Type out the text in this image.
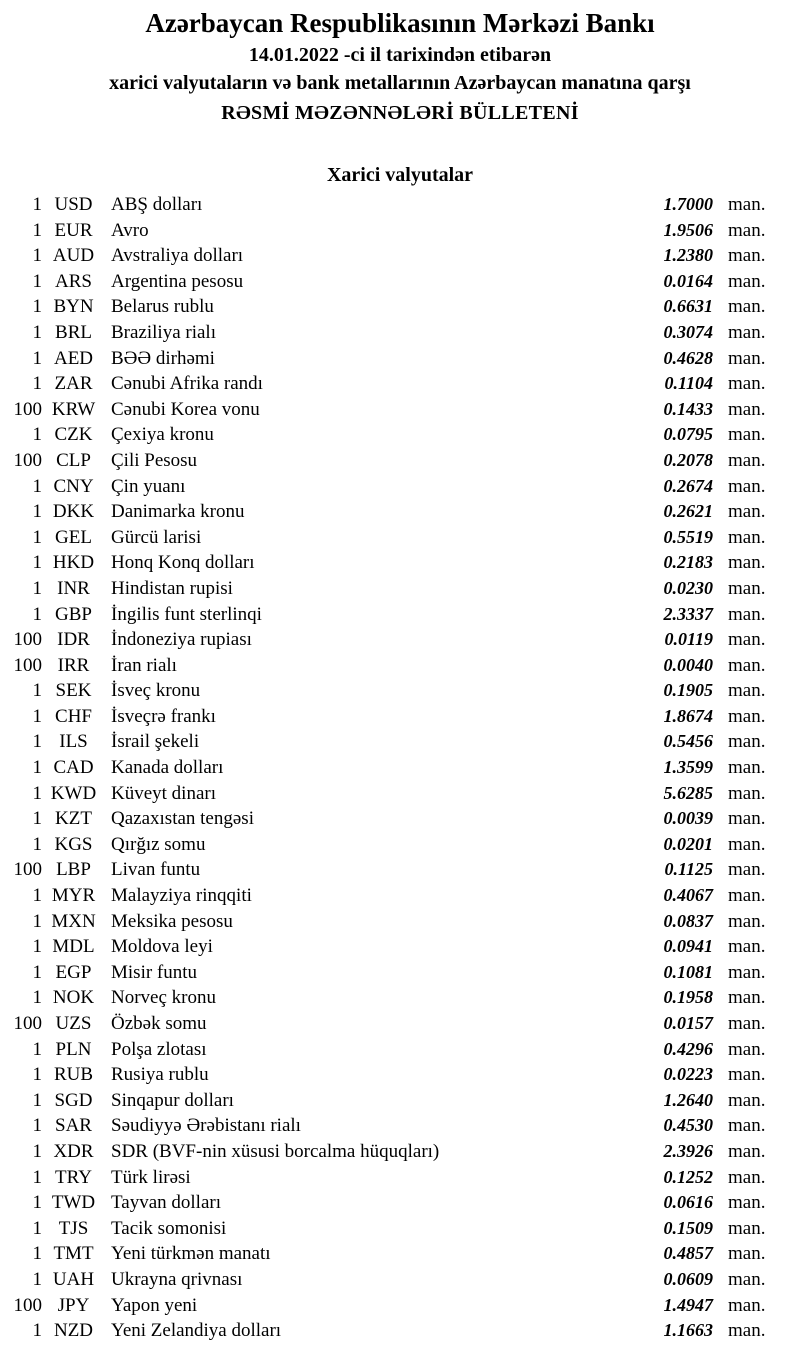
Azərbaycan Respublikasının Mərkəzi Bankı
14.01.2022 -ci il tarixindən etibarən
xarici valyutaların və bank metallarının Azərbaycan manatına qarşı
RƏSMİ MƏZƏNNƏLƏRİ BÜLLETENİ
Xarici valyutalar
1 USD ABŞ dolları	1.7000 man.
1 EUR Avro	1.9506 man.
1 AUD Avstraliya dolları	1.2380 man.
1 ARS	Argentina pesosu	0.0164 man.
1 BYN Belarus rublu	0.6631 man.
1 BRL	Braziliya rialı	0.3074 man.
1 AED BƏƏ dirhəmi	0.4628 man.
1 ZAR Cənubi Afrika randı	0.1104 man.
100 KRW Cənubi Korea vonu	0.1433 man.
1 CZK Çexiya kronu	0.0795 man.
100 CLP	Çili Pesosu	0.2078 man.
1 CNY Çin yuanı	0.2674 man.
1 DKK Danimarka kronu	0.2621 man.
1 GEL	Gürcü larisi	0.5519 man.
1 HKD Honq Konq dolları	0.2183 man.
1 INR	Hindistan rupisi	0.0230 man.
1 GBP	İngilis funt sterlinqi	2.3337 man.
100 IDR	İndoneziya rupiası	0.0119 man.
100 IRR	İran rialı	0.0040 man.
1 SEK	İsveç kronu	0.1905 man.
1 CHF	İsveçrə frankı	1.8674 man.
1 ILS	İsrail şekeli	0.5456 man.
1 CAD Kanada dolları	1.3599 man.
1 KWD Küveyt dinarı	5.6285 man.
1 KZT	Qazaxıstan tengəsi	0.0039 man.
1 KGS Qırğız somu	0.0201 man.
100 LBP	Livan funtu	0.1125 man.
1 MYR Malayziya rinqqiti	0.4067 man.
1 MXN Meksika pesosu	0.0837 man.
1 MDL Moldova leyi	0.0941 man.
1 EGP	Misir funtu	0.1081 man.
1 NOK Norveç kronu	0.1958 man.
100 UZS	Özbək somu	0.0157 man.
1 PLN	Polşa zlotası	0.4296 man.
1 RUB Rusiya rublu	0.0223 man.
1 SGD Sinqapur dolları	1.2640 man.
1 SAR	Səudiyyə Ərəbistanı rialı	0.4530 man.
1 XDR SDR (BVF-nin xüsusi borcalma hüquqları)	2.3926 man.
1 TRY	Türk lirəsi	0.1252 man.
1 TWD Tayvan dolları	0.0616 man.
1 TJS	Tacik somonisi	0.1509 man.
1 TMT Yeni türkmən manatı	0.4857 man.
1 UAH Ukrayna qrivnası	0.0609 man.
100 JPY	Yapon yeni	1.4947 man.
1 NZD Yeni Zelandiya dolları	1.1663 man.
